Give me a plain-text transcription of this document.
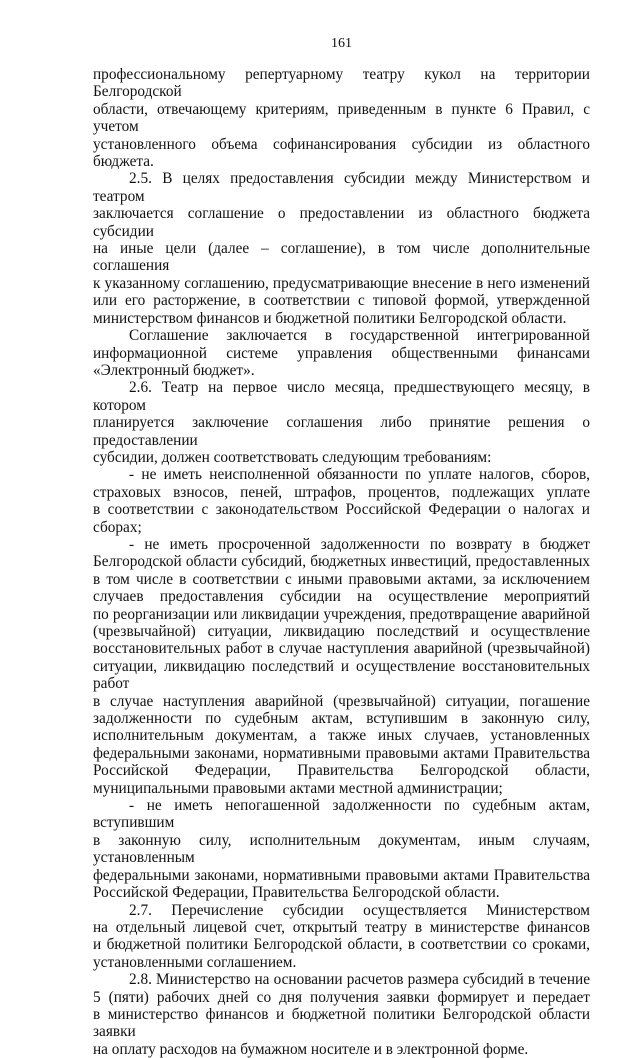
161

профессиональному репертуарному театру кукол на территории Белгородской

области, отвечающему критериям, приведенным в пункте 6 Правил, с учетом

установленного объема софинансирования субсидии из областного бюджета.

2.5. В целях предоставления субсидии между Министерством и театром

заключается соглашение о предоставлении из областного бюджета субсидии

на иные цели (далее – соглашение), в том числе дополнительные соглашения

к указанному соглашению, предусматривающие внесение в него изменений

или его расторжение, в соответствии с типовой формой, утвержденной

министерством финансов и бюджетной политики Белгородской области.

Соглашение заключается в государственной интегрированной

информационной системе управления общественными финансами

«Электронный бюджет».

2.6. Театр на первое число месяца, предшествующего месяцу, в котором

планируется заключение соглашения либо принятие решения о предоставлении

субсидии, должен соответствовать следующим требованиям:

- не иметь неисполненной обязанности по уплате налогов, сборов,

страховых взносов, пеней, штрафов, процентов, подлежащих уплате

в соответствии с законодательством Российской Федерации о налогах и сборах;

- не иметь просроченной задолженности по возврату в бюджет

Белгородской области субсидий, бюджетных инвестиций, предоставленных

в том числе в соответствии с иными правовыми актами, за исключением

случаев предоставления субсидии на осуществление мероприятий

по реорганизации или ликвидации учреждения, предотвращение аварийной

(чрезвычайной) ситуации, ликвидацию последствий и осуществление

восстановительных работ в случае наступления аварийной (чрезвычайной)

ситуации, ликвидацию последствий и осуществление восстановительных работ

в случае наступления аварийной (чрезвычайной) ситуации, погашение

задолженности по судебным актам, вступившим в законную силу,

исполнительным документам, а также иных случаев, установленных

федеральными законами, нормативными правовыми актами Правительства

Российской Федерации, Правительства Белгородской области,

муниципальными правовыми актами местной администрации;

- не иметь непогашенной задолженности по судебным актам, вступившим

в законную силу, исполнительным документам, иным случаям, установленным

федеральными законами, нормативными правовыми актами Правительства

Российской Федерации, Правительства Белгородской области.

2.7. Перечисление субсидии осуществляется Министерством

на отдельный лицевой счет, открытый театру в министерстве финансов

и бюджетной политики Белгородской области, в соответствии со сроками,

установленными соглашением.

2.8. Министерство на основании расчетов размера субсидий в течение

5 (пяти) рабочих дней со дня получения заявки формирует и передает

в министерство финансов и бюджетной политики Белгородской области заявки

на оплату расходов на бумажном носителе и в электронной форме.
